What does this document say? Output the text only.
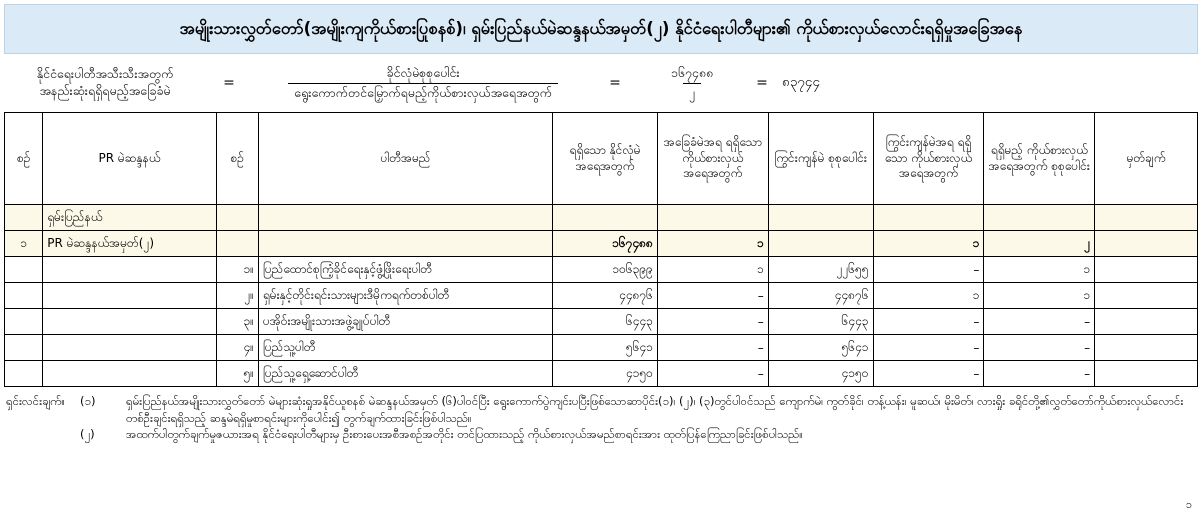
အမျိုးသားလွှတ်တော်(အမျိုးကျကိုယ်စားပြုစနစ်)၊ ရှမ်းပြည်နယ်မဲဆန္ဒနယ်အမှတ်(၂) နိုင်ငံရေးပါတီများ၏ ကိုယ်စားလှယ်လောင်းရရှိမှုအခြေအနေ
နိုင်ငံရေးပါတီအသီးသီးအတွက်
အနည်းဆုံးရရှိရမည့်အခြေခံမဲ	=	$\frac{\text{ခိုင်လုံမဲစုစုပေါင်း}}{\text{ရွေးကောက်တင်မြှောက်ရမည့်ကိုယ်စားလှယ်အရေအတွက်}}$	=	$\frac{၁၆၇၄၈၈}{၂}$	=	၈၃၇၄၄
စဉ်	PR မဲဆန္ဒနယ်	စဉ်	ပါတီအမည်	ရရှိသော နိုင်လုံမဲ အရေအတွက်	အခြေခံမဲအရ ရရှိသော ကိုယ်စားလှယ် အရေအတွက်	ကြွင်းကျန်မဲ စုစုပေါင်း	ကြွင်းကျန်မဲအရ ရရှိသော ကိုယ်စားလှယ် အရေအတွက်	ရရှိမည့် ကိုယ်စားလှယ် အရေအတွက် စုစုပေါင်း	မှတ်ချက်
	ရှမ်းပြည်နယ်								
၁	PR မဲဆန္ဒနယ်အမှတ်(၂)			၁၆၇၄၈၈	၁		၁	၂	
		၁။	ပြည်ထောင်စုကြံ့ခိုင်ရေးနှင့်ဖွံ့ဖြိုးရေးပါတီ	၁၀၆၃၉၉	၁	၂၂၆၅၅	–	၁	
		၂။	ရှမ်းနှင့်တိုင်းရင်းသားများဒီမိုကရက်တစ်ပါတီ	၄၄၈၇၆	–	၄၄၈၇၆	၁	၁	
		၃။	ပအိုဝ်းအမျိုးသားအဖွဲ့ချုပ်ပါတီ	၆၄၄၃	–	၆၄၄၃	–	–	
		၄။	ပြည်သူ့ပါတီ	၅၆၄၁	–	၅၆၄၁	–	–	
		၅။	ပြည်သူ့ရှေ့ဆောင်ပါတီ	၄၁၅၀	–	၄၁၅၀	–	–	
ရှင်းလင်းချက်။	(၁)	ရှမ်းပြည်နယ်အမျိုးသားလွှတ်တော် မဲများဆုံးရှုအနိုင်ယူစနစ် မဲဆန္ဒနယ်အမှတ် (၆)ပါဝင်ပြီး ရွေးကောက်ပွဲကျင်းပပြီးဖြစ်သောဆာပိုင်း(၁)၊ (၂)၊ (၃)တွင်ပါဝင်သည် ကျောက်မဲ၊ ကွတ်ခိုင်၊ တန့်ယန်း၊ မူဆယ်၊ မိုးမိတ်၊ လားရှိုး ခရိုင်တို့၏လွှတ်တော်ကိုယ်စားလှယ်လောင်း တစ်ဦးချင်းရရှိသည့် ဆန္ဒမဲရရှိမှုစာရင်းများကိုပေါင်း၍ တွက်ချက်ထားခြင်းဖြစ်ပါသည်။
(၂)	အထက်ပါတွက်ချက်မှုဇယားအရ နိုင်ငံရေးပါတီများမှ ဦးစားပေးအစီအစဉ်အတိုင်း တင်ပြထားသည့် ကိုယ်စားလှယ်အမည်စာရင်းအား ထုတ်ပြန်ကြေညာခြင်းဖြစ်ပါသည်။
၁
